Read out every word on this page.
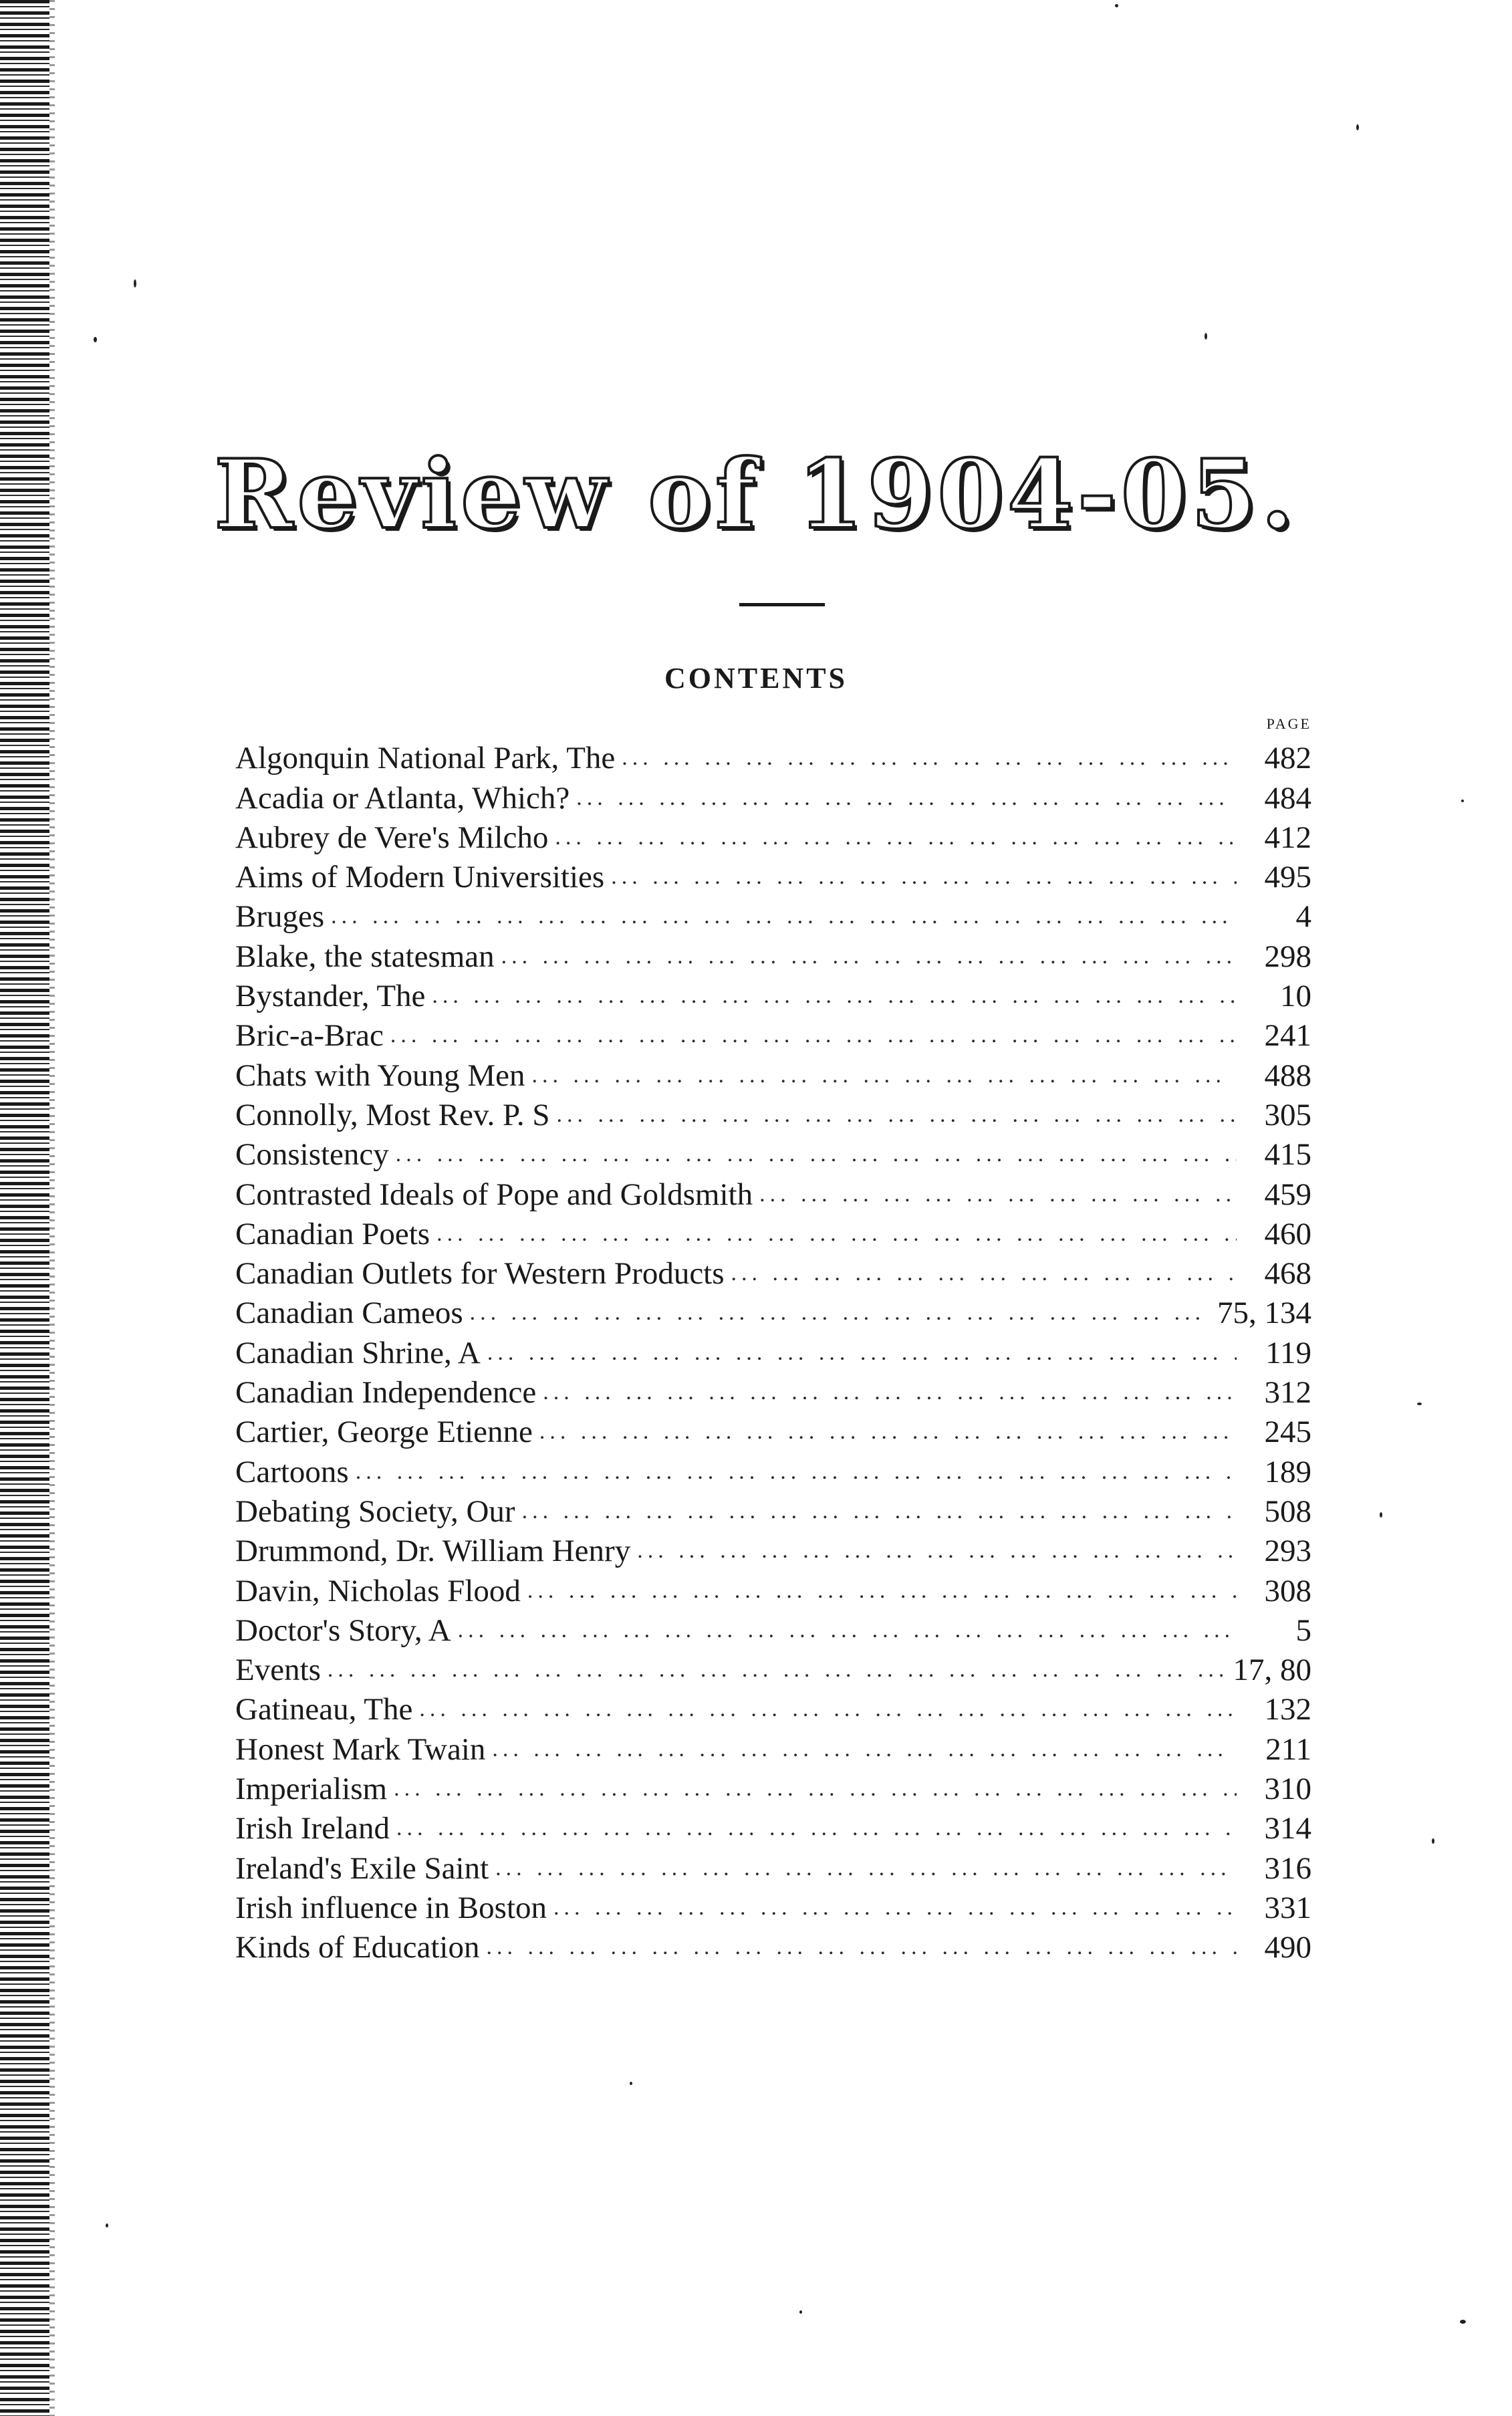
Review of 1904-05.
CONTENTS
PAGE
Algonquin National Park, The ... .	482
Acadia or Atlanta, Which? ... .	484
Aubrey de Vere's Milcho ... .	412
Aims of Modern Universities ... .	495
Bruges ... .	4
Blake, the statesman ... .	298
Bystander, The ... .	10
Bric-a-Brac ... .	241
Chats with Young Men ... .	488
Connolly, Most Rev. P. S ... .	305
Consistency ... .	415
Contrasted Ideals of Pope and Goldsmith ... .	459
Canadian Poets ... .	460
Canadian Outlets for Western Products ... .	468
Canadian Cameos ... .	75, 134
Canadian Shrine, A ... .	119
Canadian Independence ... .	312
Cartier, George Etienne ... .	245
Cartoons ... .	189
Debating Society, Our ... .	508
Drummond, Dr. William Henry ... .	293
Davin, Nicholas Flood ... .	308
Doctor's Story, A ... .	5
Events ... .	17, 80
Gatineau, The ... .	132
Honest Mark Twain ... .	211
Imperialism ... .	310
Irish Ireland ... .	314
Ireland's Exile Saint ... .	316
Irish influence in Boston ... .	331
Kinds of Education ... .	490
